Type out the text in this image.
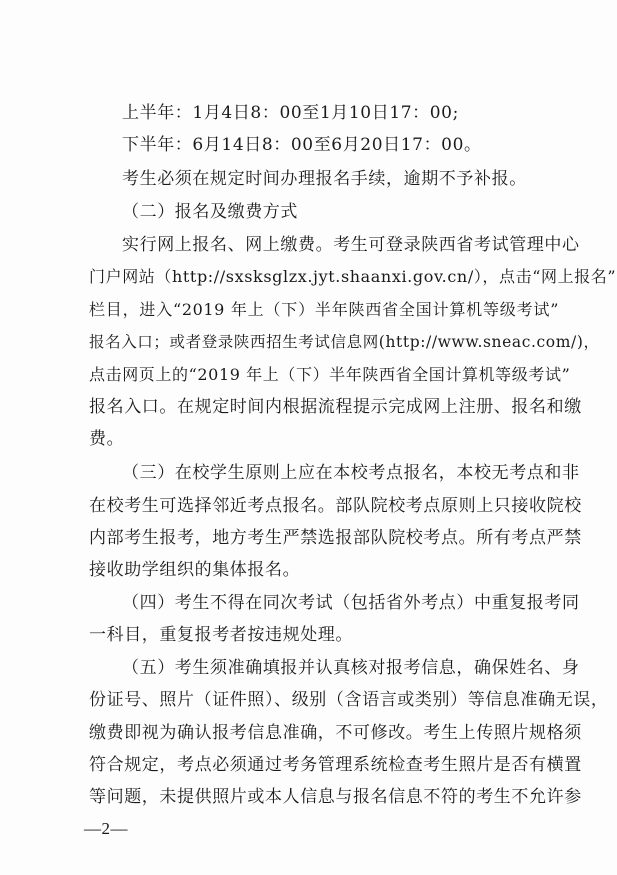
上半年：1月4日8：00至1月10日17：00;

下半年：6月14日8：00至6月20日17：00。

考生必须在规定时间办理报名手续，逾期不予补报。

（二）报名及缴费方式

实行网上报名、网上缴费。考生可登录陕西省考试管理中心

门户网站（http://sxsksglzx.jyt.shaanxi.gov.cn/），点击“网上报名”

栏目，进入“2019 年上（下）半年陕西省全国计算机等级考试”

报名入口；或者登录陕西招生考试信息网(http://www.sneac.com/)，

点击网页上的“2019 年上（下）半年陕西省全国计算机等级考试”

报名入口。在规定时间内根据流程提示完成网上注册、报名和缴

费。

（三）在校学生原则上应在本校考点报名，本校无考点和非

在校考生可选择邻近考点报名。部队院校考点原则上只接收院校

内部考生报考，地方考生严禁选报部队院校考点。所有考点严禁

接收助学组织的集体报名。

（四）考生不得在同次考试（包括省外考点）中重复报考同

一科目，重复报考者按违规处理。

（五）考生须准确填报并认真核对报考信息，确保姓名、身

份证号、照片（证件照）、级别（含语言或类别）等信息准确无误，

缴费即视为确认报考信息准确，不可修改。考生上传照片规格须

符合规定，考点必须通过考务管理系统检查考生照片是否有横置

等问题，未提供照片或本人信息与报名信息不符的考生不允许参

—2—
